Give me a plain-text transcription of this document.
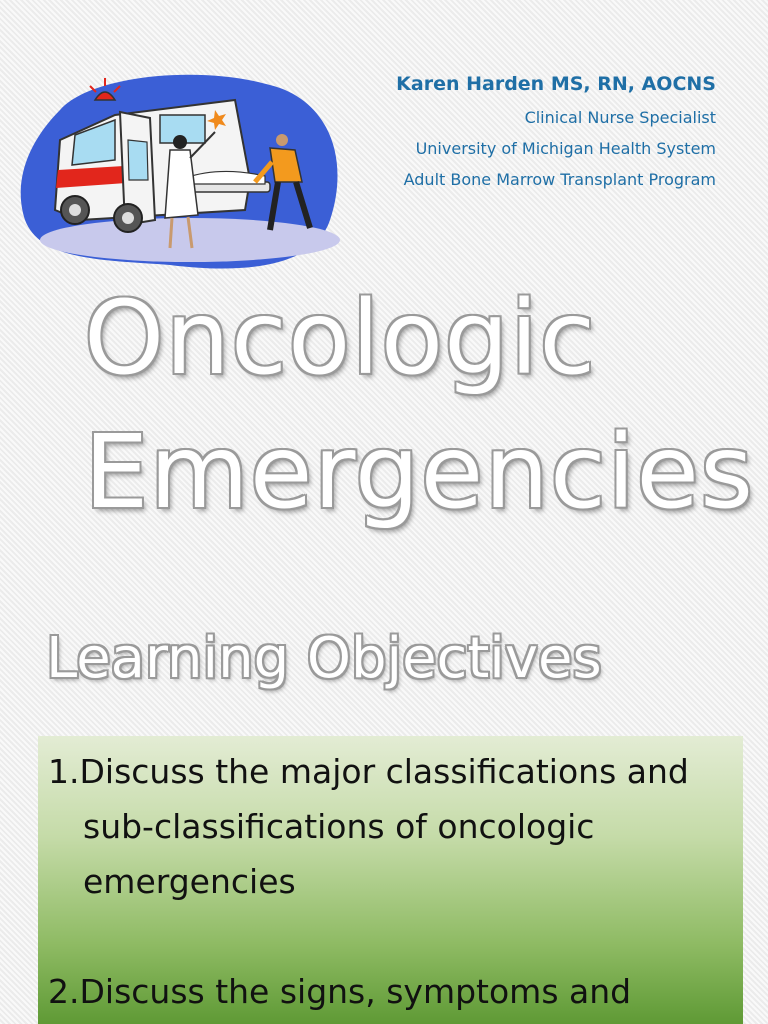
Karen Harden MS, RN, AOCNS
Clinical Nurse Specialist
University of Michigan Health System
Adult Bone Marrow Transplant Program
Oncologic
Emergencies
Learning Objectives
1.Discuss the major classifications and sub-classifications of oncologic emergencies
2.Discuss the signs, symptoms and
